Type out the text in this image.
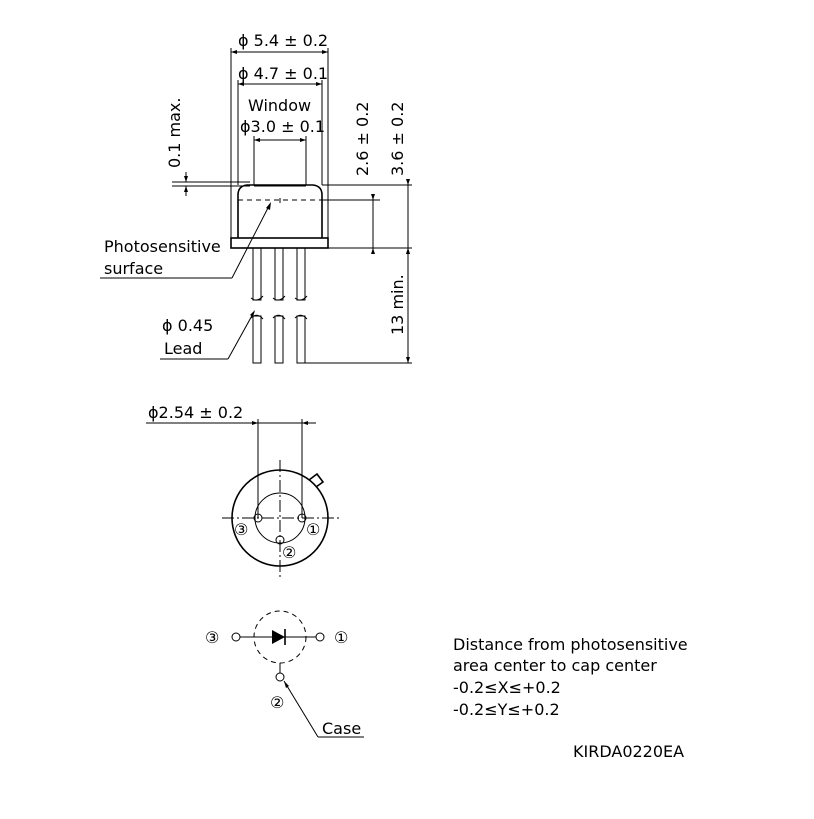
ϕ 5.4 ± 0.2
ϕ 4.7 ± 0.1
Window
ϕ3.0 ± 0.1
0.1 max.	2.6 ± 0.2 3.6 ± 0.2
13 min.
Photosensitive
surface
ϕ 0.45
Lead
ϕ2.54 ± 0.2
③	①
②
③	①
②
Case
Distance from photosensitive
area center to cap center
-0.2≤X≤+0.2
-0.2≤Y≤+0.2
KIRDA0220EA
